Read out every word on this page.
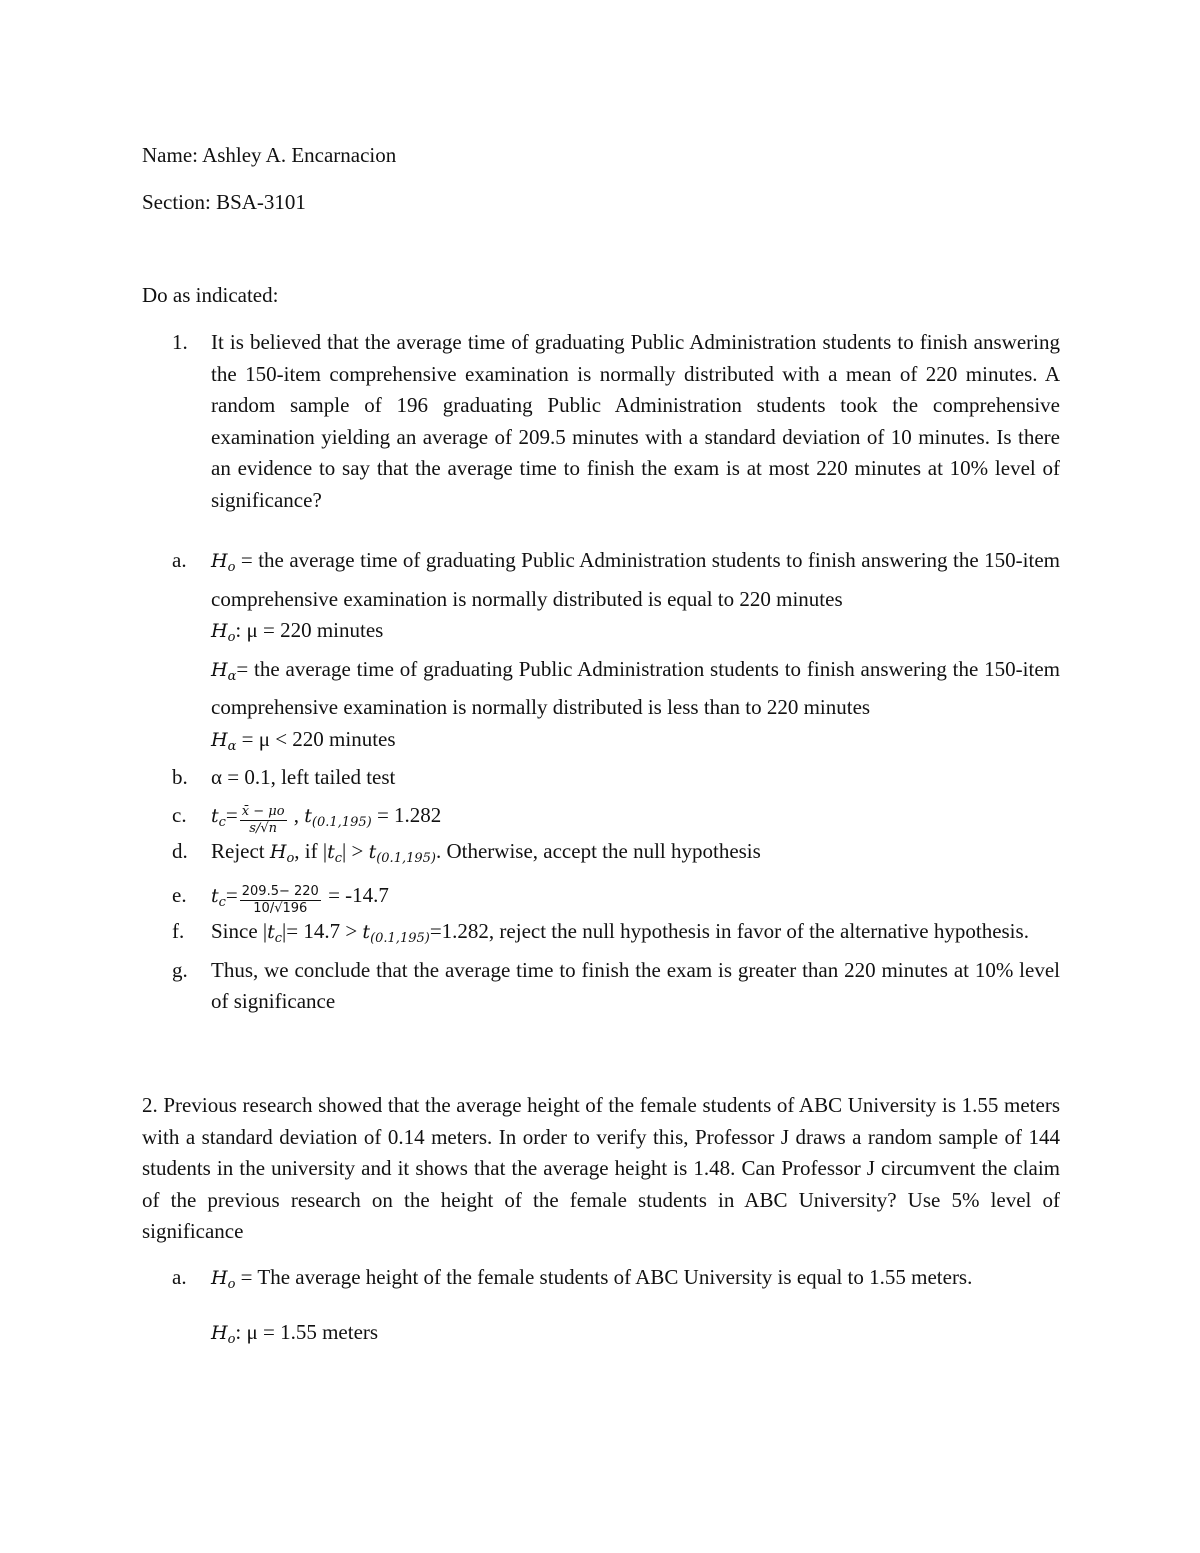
Name: Ashley A. Encarnacion
Section: BSA-3101
Do as indicated:
1. It is believed that the average time of graduating Public Administration students to finish answering the 150-item comprehensive examination is normally distributed with a mean of 220 minutes. A random sample of 196 graduating Public Administration students took the comprehensive examination yielding an average of 209.5 minutes with a standard deviation of 10 minutes. Is there an evidence to say that the average time to finish the exam is at most 220 minutes at 10% level of significance?
a. Ho = the average time of graduating Public Administration students to finish answering the 150-item comprehensive examination is normally distributed is equal to 220 minutes
Ho: μ = 220 minutes
Hα= the average time of graduating Public Administration students to finish answering the 150-item comprehensive examination is normally distributed is less than to 220 minutes
Hα = μ < 220 minutes
b. α = 0.1, left tailed test
c. $tc= \frac{x̄ - \mu o}{s/√n}$ , t(0.1,195) = 1.282
d. Reject Ho, if |tc| > t(0.1,195). Otherwise, accept the null hypothesis
e. $tc= \frac{209.5- 220}{10/√196} = -14.7$
f. Since |tc|= 14.7 > t(0.1,195)=1.282, reject the null hypothesis in favor of the alternative hypothesis.
g. Thus, we conclude that the average time to finish the exam is greater than 220 minutes at 10% level of significance
2. Previous research showed that the average height of the female students of ABC University is 1.55 meters with a standard deviation of 0.14 meters. In order to verify this, Professor J draws a random sample of 144 students in the university and it shows that the average height is 1.48. Can Professor J circumvent the claim of the previous research on the height of the female students in ABC University? Use 5% level of significance
a. Ho = The average height of the female students of ABC University is equal to 1.55 meters.
Ho: μ = 1.55 meters
